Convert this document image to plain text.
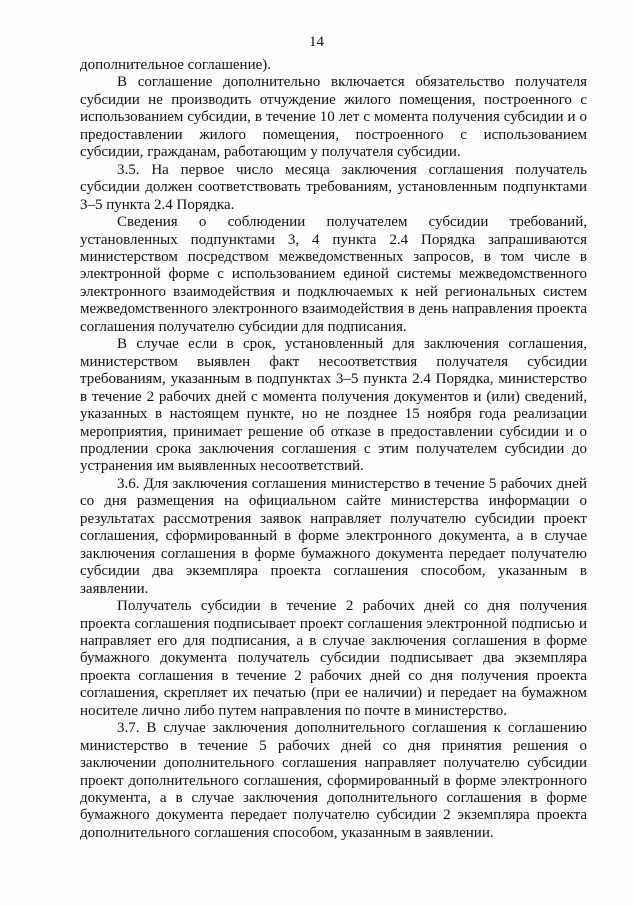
14

дополнительное соглашение).

В соглашение дополнительно включается обязательство получателя субсидии не производить отчуждение жилого помещения, построенного с использованием субсидии, в течение 10 лет с момента получения субсидии и о предоставлении жилого помещения, построенного с использованием субсидии, гражданам, работающим у получателя субсидии.

3.5. На первое число месяца заключения соглашения получатель субсидии должен соответствовать требованиям, установленным подпунктами 3–5 пункта 2.4 Порядка.

Сведения о соблюдении получателем субсидии требований, установленных подпунктами 3, 4 пункта 2.4 Порядка запрашиваются министерством посредством межведомственных запросов, в том числе в электронной форме с использованием единой системы межведомственного электронного взаимодействия и подключаемых к ней региональных систем межведомственного электронного взаимодействия в день направления проекта соглашения получателю субсидии для подписания.

В случае если в срок, установленный для заключения соглашения, министерством выявлен факт несоответствия получателя субсидии требованиям, указанным в подпунктах 3–5 пункта 2.4 Порядка, министерство в течение 2 рабочих дней с момента получения документов и (или) сведений, указанных в настоящем пункте, но не позднее 15 ноября года реализации мероприятия, принимает решение об отказе в предоставлении субсидии и о продлении срока заключения соглашения с этим получателем субсидии до устранения им выявленных несоответствий.

3.6. Для заключения соглашения министерство в течение 5 рабочих дней со дня размещения на официальном сайте министерства информации о результатах рассмотрения заявок направляет получателю субсидии проект соглашения, сформированный в форме электронного документа, а в случае заключения соглашения в форме бумажного документа передает получателю субсидии два экземпляра проекта соглашения способом, указанным в заявлении.

Получатель субсидии в течение 2 рабочих дней со дня получения проекта соглашения подписывает проект соглашения электронной подписью и направляет его для подписания, а в случае заключения соглашения в форме бумажного документа получатель субсидии подписывает два экземпляра проекта соглашения в течение 2 рабочих дней со дня получения проекта соглашения, скрепляет их печатью (при ее наличии) и передает на бумажном носителе лично либо путем направления по почте в министерство.

3.7. В случае заключения дополнительного соглашения к соглашению министерство в течение 5 рабочих дней со дня принятия решения о заключении дополнительного соглашения направляет получателю субсидии проект дополнительного соглашения, сформированный в форме электронного документа, а в случае заключения дополнительного соглашения в форме бумажного документа передает получателю субсидии 2 экземпляра проекта дополнительного соглашения способом, указанным в заявлении.
